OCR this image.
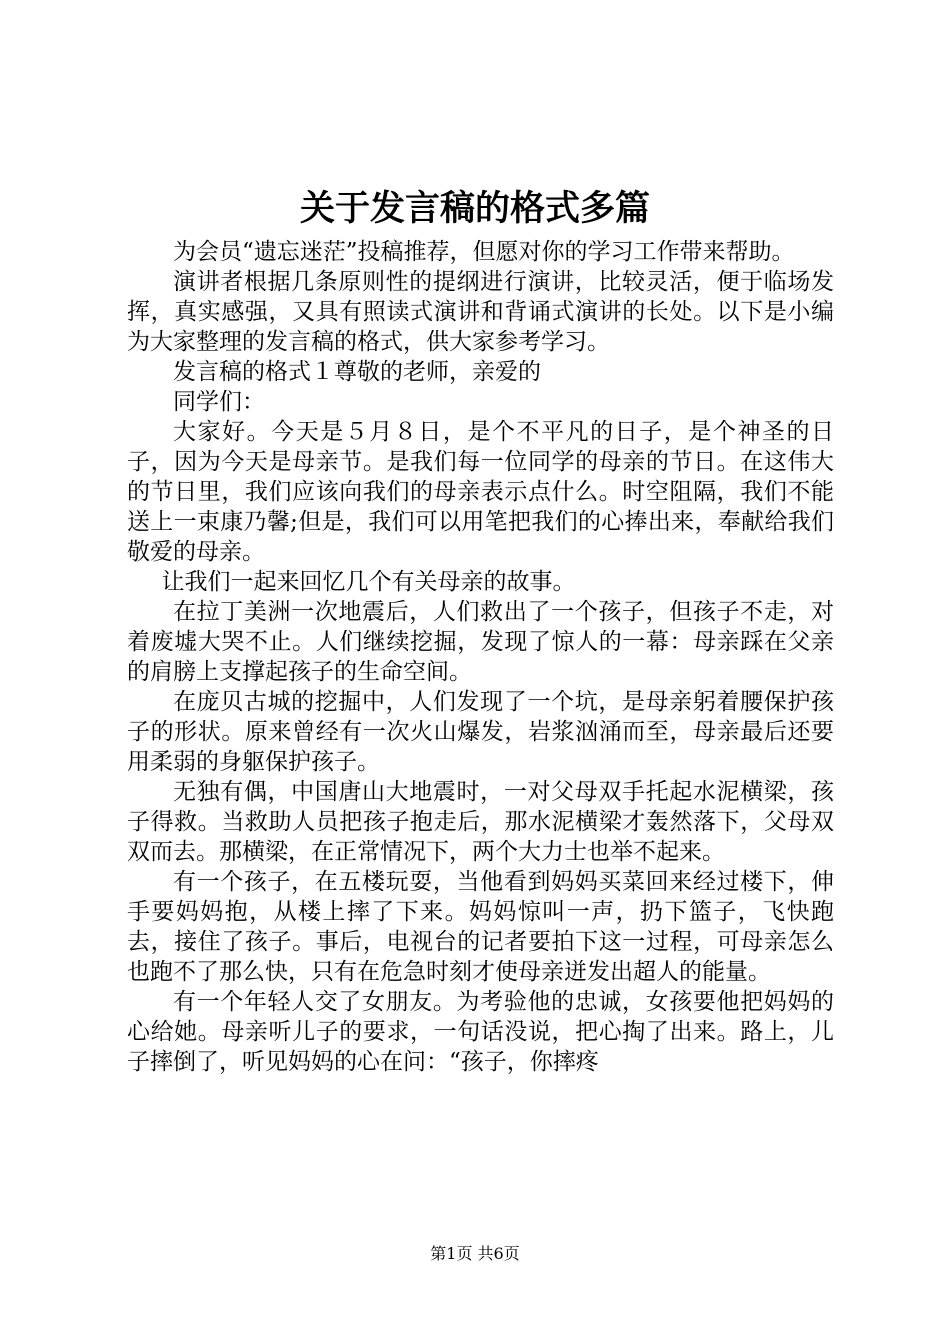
关于发言稿的格式多篇

为会员“遗忘迷茫”投稿推荐，但愿对你的学习工作带来帮助。

演讲者根据几条原则性的提纲进行演讲，比较灵活，便于临场发挥，真实感强，又具有照读式演讲和背诵式演讲的长处。以下是小编为大家整理的发言稿的格式，供大家参考学习。

发言稿的格式１尊敬的老师，亲爱的

同学们：

大家好。今天是５月８日，是个不平凡的日子，是个神圣的日子，因为今天是母亲节。是我们每一位同学的母亲的节日。在这伟大的节日里，我们应该向我们的母亲表示点什么。时空阻隔，我们不能送上一束康乃馨;但是，我们可以用笔把我们的心捧出来，奉献给我们敬爱的母亲。

让我们一起来回忆几个有关母亲的故事。

在拉丁美洲一次地震后，人们救出了一个孩子，但孩子不走，对着废墟大哭不止。人们继续挖掘，发现了惊人的一幕：母亲踩在父亲的肩膀上支撑起孩子的生命空间。

在庞贝古城的挖掘中，人们发现了一个坑，是母亲躬着腰保护孩子的形状。原来曾经有一次火山爆发，岩浆汹涌而至，母亲最后还要用柔弱的身躯保护孩子。

无独有偶，中国唐山大地震时，一对父母双手托起水泥横梁，孩子得救。当救助人员把孩子抱走后，那水泥横梁才轰然落下，父母双双而去。那横梁，在正常情况下，两个大力士也举不起来。

有一个孩子，在五楼玩耍，当他看到妈妈买菜回来经过楼下，伸手要妈妈抱，从楼上摔了下来。妈妈惊叫一声，扔下篮子，飞快跑去，接住了孩子。事后，电视台的记者要拍下这一过程，可母亲怎么也跑不了那么快，只有在危急时刻才使母亲迸发出超人的能量。

有一个年轻人交了女朋友。为考验他的忠诚，女孩要他把妈妈的心给她。母亲听儿子的要求，一句话没说，把心掏了出来。路上，儿子摔倒了，听见妈妈的心在问：“孩子，你摔疼

第1页 共6页
